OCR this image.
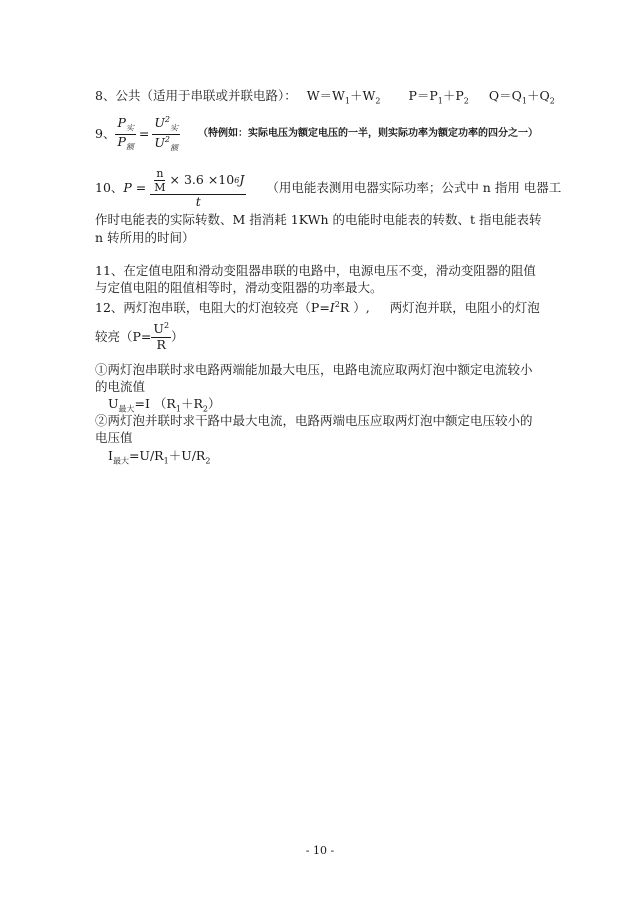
8、公共（适用于串联或并联电路）： $W=W_1+W_2$ $P=P_1+P_2$ $Q=Q_1+Q_2$
9、 $\frac{P_实}{P_额} = \frac{U^2_实}{U^2_额}$ （特例如：实际电压为额定电压的一半，则实际功率为额定功率的四分之一）
10、 $P = \frac{\frac{n}{M} \times 3.6 \times 10 6 J}{t}$ （用电能表测用电器实际功率；公式中 n 指用 电器工
作时电能表的实际转数、M 指消耗 1KWh 的电能时电能表的转数、t 指电能表转
n 转所用的时间）
11、在定值电阻和滑动变阻器串联的电路中，电源电压不变，滑动变阻器的阻值
与定值电阻的阻值相等时，滑动变阻器的功率最大。
12、两灯泡串联，电阻大的灯泡较亮（$P=I^2R$ ）, 两灯泡并联，电阻小的灯泡
较亮（$P= \frac{U^2}{R}$ ）
①两灯泡串联时求电路两端能加最大电压，电路电流应取两灯泡中额定电流较小
的电流值
$U_{最大}=I$ $(R_1+R_2)$
②两灯泡并联时求干路中最大电流，电路两端电压应取两灯泡中额定电压较小的
电压值
$I_{最大}=U/R_1+U/R_2$
- 10 -
